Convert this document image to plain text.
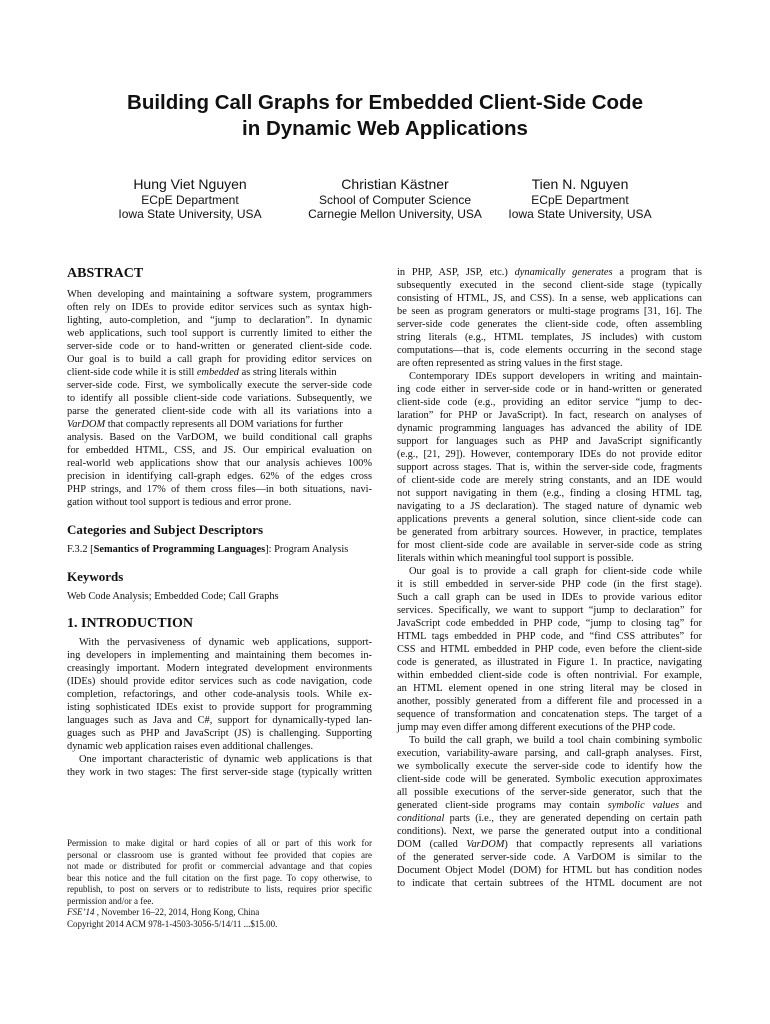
Building Call Graphs for Embedded Client-Side Code
in Dynamic Web Applications
Hung Viet Nguyen
ECpE Department
Iowa State University, USA
Christian Kästner
School of Computer Science
Carnegie Mellon University, USA
Tien N. Nguyen
ECpE Department
Iowa State University, USA
ABSTRACT
When developing and maintaining a software system, programmers
often rely on IDEs to provide editor services such as syntax high-
lighting, auto-completion, and “jump to declaration”. In dynamic
web applications, such tool support is currently limited to either the
server-side code or to hand-written or generated client-side code.
Our goal is to build a call graph for providing editor services on
client-side code while it is still embedded as string literals within
server-side code. First, we symbolically execute the server-side code
to identify all possible client-side code variations. Subsequently, we
parse the generated client-side code with all its variations into a
VarDOM that compactly represents all DOM variations for further
analysis. Based on the VarDOM, we build conditional call graphs
for embedded HTML, CSS, and JS. Our empirical evaluation on
real-world web applications show that our analysis achieves 100%
precision in identifying call-graph edges. 62% of the edges cross
PHP strings, and 17% of them cross files—in both situations, navi-
gation without tool support is tedious and error prone.
Categories and Subject Descriptors
F.3.2 [Semantics of Programming Languages]: Program Analysis
Keywords
Web Code Analysis; Embedded Code; Call Graphs
1. INTRODUCTION
With the pervasiveness of dynamic web applications, support-
ing developers in implementing and maintaining them becomes in-
creasingly important. Modern integrated development environments
(IDEs) should provide editor services such as code navigation, code
completion, refactorings, and other code-analysis tools. While ex-
isting sophisticated IDEs exist to provide support for programming
languages such as Java and C#, support for dynamically-typed lan-
guages such as PHP and JavaScript (JS) is challenging. Supporting
dynamic web application raises even additional challenges.
One important characteristic of dynamic web applications is that
they work in two stages: The first server-side stage (typically written
Permission to make digital or hard copies of all or part of this work for
personal or classroom use is granted without fee provided that copies are
not made or distributed for profit or commercial advantage and that copies
bear this notice and the full citation on the first page. To copy otherwise, to
republish, to post on servers or to redistribute to lists, requires prior specific
permission and/or a fee.
FSE’14 , November 16–22, 2014, Hong Kong, China
Copyright 2014 ACM 978-1-4503-3056-5/14/11 ...$15.00.
in PHP, ASP, JSP, etc.) dynamically generates a program that is
subsequently executed in the second client-side stage (typically
consisting of HTML, JS, and CSS). In a sense, web applications can
be seen as program generators or multi-stage programs [31, 16]. The
server-side code generates the client-side code, often assembling
string literals (e.g., HTML templates, JS includes) with custom
computations—that is, code elements occurring in the second stage
are often represented as string values in the first stage.
Contemporary IDEs support developers in writing and maintain-
ing code either in server-side code or in hand-written or generated
client-side code (e.g., providing an editor service “jump to dec-
laration” for PHP or JavaScript). In fact, research on analyses of
dynamic programming languages has advanced the ability of IDE
support for languages such as PHP and JavaScript significantly
(e.g., [21, 29]). However, contemporary IDEs do not provide editor
support across stages. That is, within the server-side code, fragments
of client-side code are merely string constants, and an IDE would
not support navigating in them (e.g., finding a closing HTML tag,
navigating to a JS declaration). The staged nature of dynamic web
applications prevents a general solution, since client-side code can
be generated from arbitrary sources. However, in practice, templates
for most client-side code are available in server-side code as string
literals within which meaningful tool support is possible.
Our goal is to provide a call graph for client-side code while
it is still embedded in server-side PHP code (in the first stage).
Such a call graph can be used in IDEs to provide various editor
services. Specifically, we want to support “jump to declaration” for
JavaScript code embedded in PHP code, “jump to closing tag” for
HTML tags embedded in PHP code, and “find CSS attributes” for
CSS and HTML embedded in PHP code, even before the client-side
code is generated, as illustrated in Figure 1. In practice, navigating
within embedded client-side code is often nontrivial. For example,
an HTML element opened in one string literal may be closed in
another, possibly generated from a different file and processed in a
sequence of transformation and concatenation steps. The target of a
jump may even differ among different executions of the PHP code.
To build the call graph, we build a tool chain combining symbolic
execution, variability-aware parsing, and call-graph analyses. First,
we symbolically execute the server-side code to identify how the
client-side code will be generated. Symbolic execution approximates
all possible executions of the server-side generator, such that the
generated client-side programs may contain symbolic values and
conditional parts (i.e., they are generated depending on certain path
conditions). Next, we parse the generated output into a conditional
DOM (called VarDOM) that compactly represents all variations
of the generated server-side code. A VarDOM is similar to the
Document Object Model (DOM) for HTML but has condition nodes
to indicate that certain subtrees of the HTML document are not
